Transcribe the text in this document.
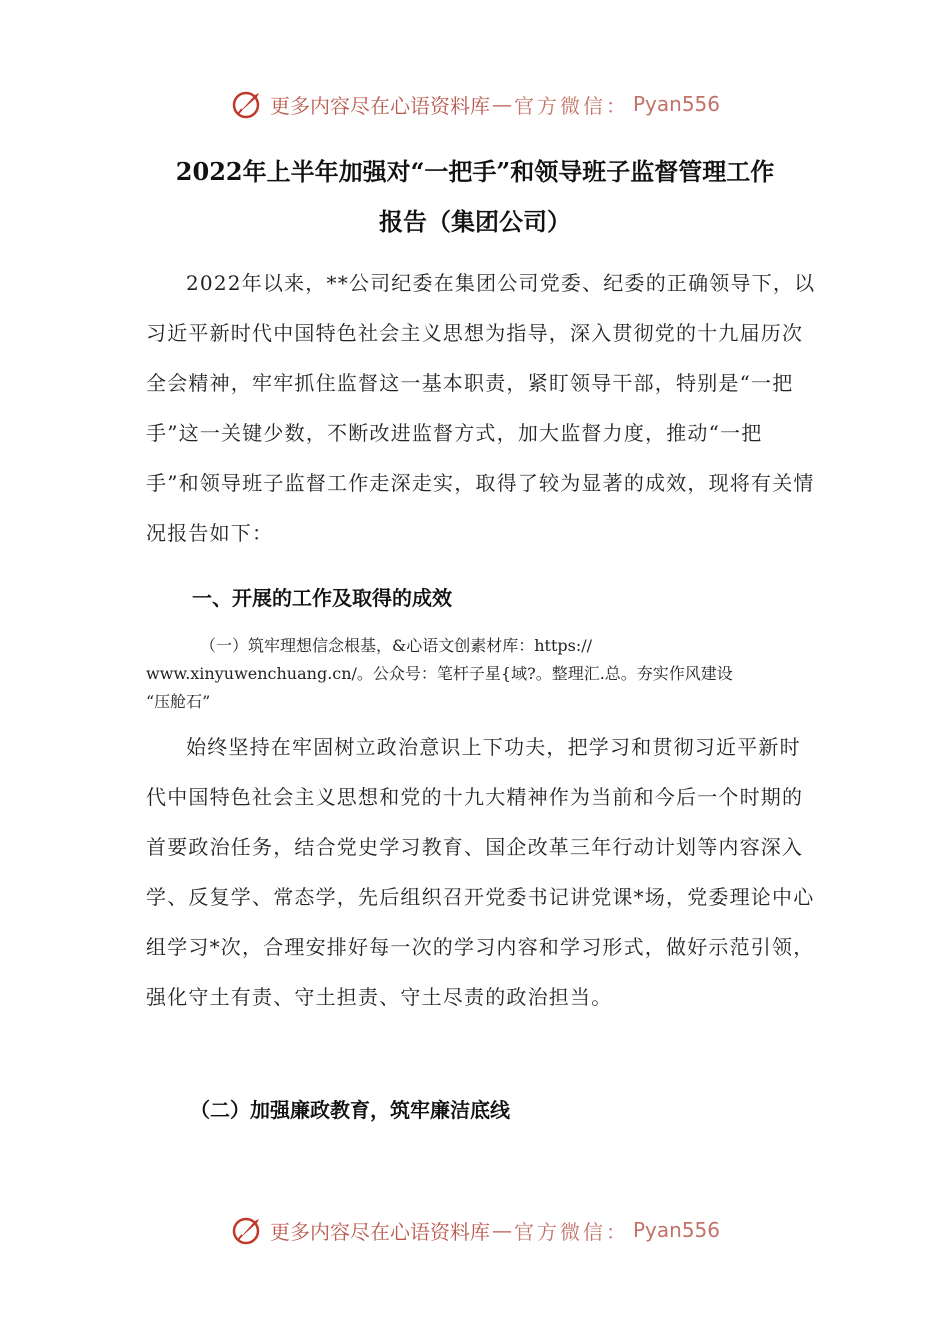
更多内容尽在心语资料库 — 官方微信： Pyan556
2022年上半年加强对“一把手”和领导班子监督管理工作
报告（集团公司）

2022年以来，**公司纪委在集团公司党委、纪委的正确领导下，以习近平新时代中国特色社会主义思想为指导，深入贯彻党的十九届历次全会精神，牢牢抓住监督这一基本职责，紧盯领导干部，特别是“一把手”这一关键少数，不断改进监督方式，加大监督力度，推动“一把手”和领导班子监督工作走深走实，取得了较为显著的成效，现将有关情况报告如下：

一、开展的工作及取得的成效
（一）筑牢理想信念根基，&心语文创素材库：https://
www.xinyuwenchuang.cn/。公众号：笔杆子星{域?。整理汇.总。夯实作风建设
“压舱石”

始终坚持在牢固树立政治意识上下功夫，把学习和贯彻习近平新时代中国特色社会主义思想和党的十九大精神作为当前和今后一个时期的首要政治任务，结合党史学习教育、国企改革三年行动计划等内容深入学、反复学、常态学，先后组织召开党委书记讲党课*场，党委理论中心组学习*次，合理安排好每一次的学习内容和学习形式，做好示范引领，强化守土有责、守土担责、守土尽责的政治担当。

（二）加强廉政教育，筑牢廉洁底线
更多内容尽在心语资料库 — 官方微信： Pyan556
